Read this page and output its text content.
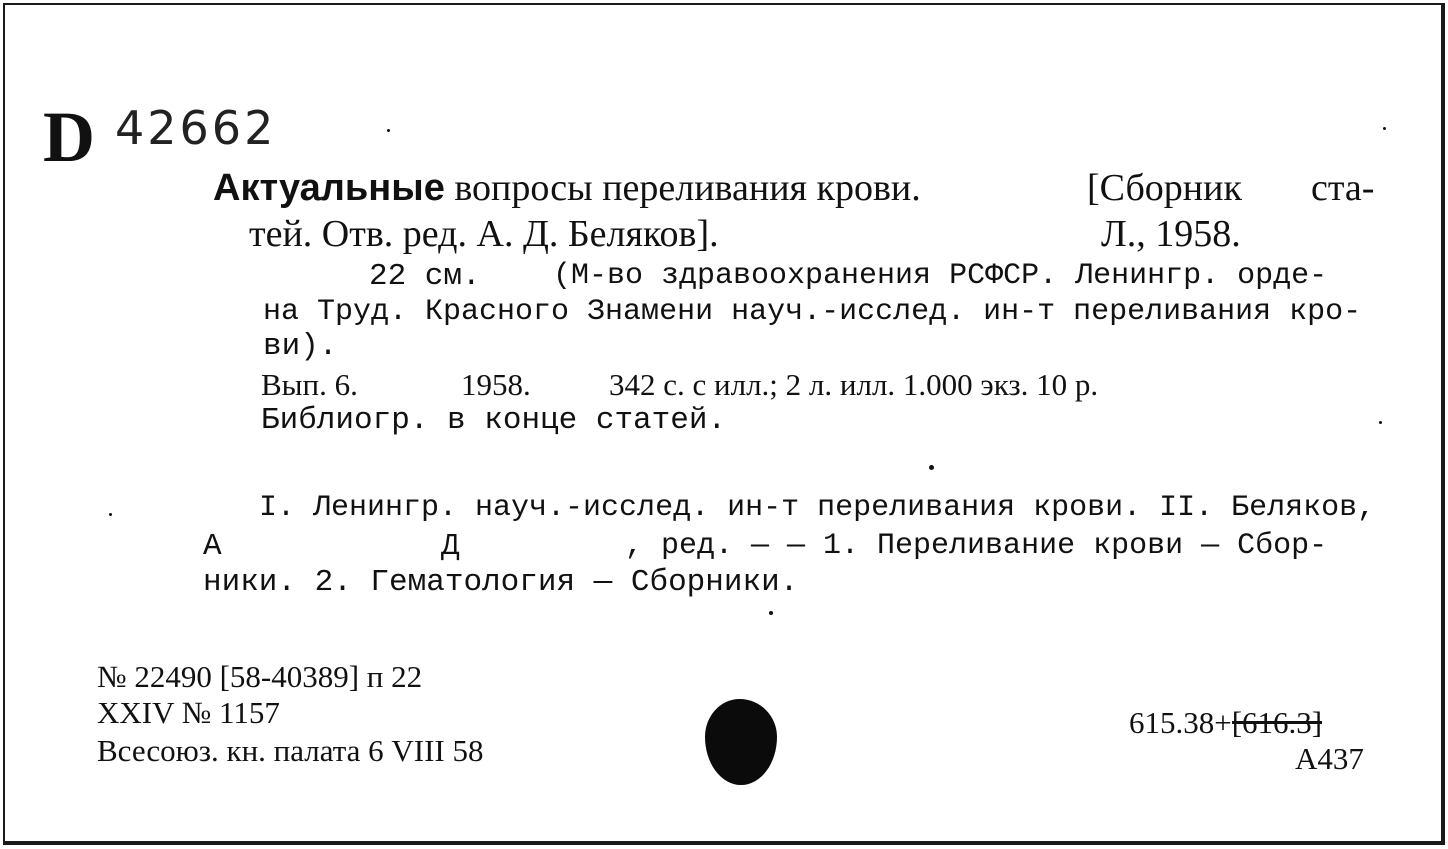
D 42662
Актуальные вопросы переливания крови.	[Сборник ста-
тей. Отв. ред. А. Д. Беляков].	Л., 1958.
22 см. (М-во здравоохранения РСФСР. Ленингр. орде-
на Труд. Красного Знамени науч.-исслед. ин-т переливания кро-
ви).
Вып. 6.	1958.	342 с. с илл.; 2 л. илл. 1.000 экз. 10 р.
Библиогр. в конце статей.
I. Ленингр. науч.-исслед. ин-т переливания крови. II. Беляков,
А	Д	, ред. — — 1. Переливание крови — Сбор-
ники. 2. Гематология — Сборники.
№ 22490 [58-40389] п 22
XXIV № 1157
Всесоюз. кн. палата 6 VIII 58
615.38+[616.3]
А437
